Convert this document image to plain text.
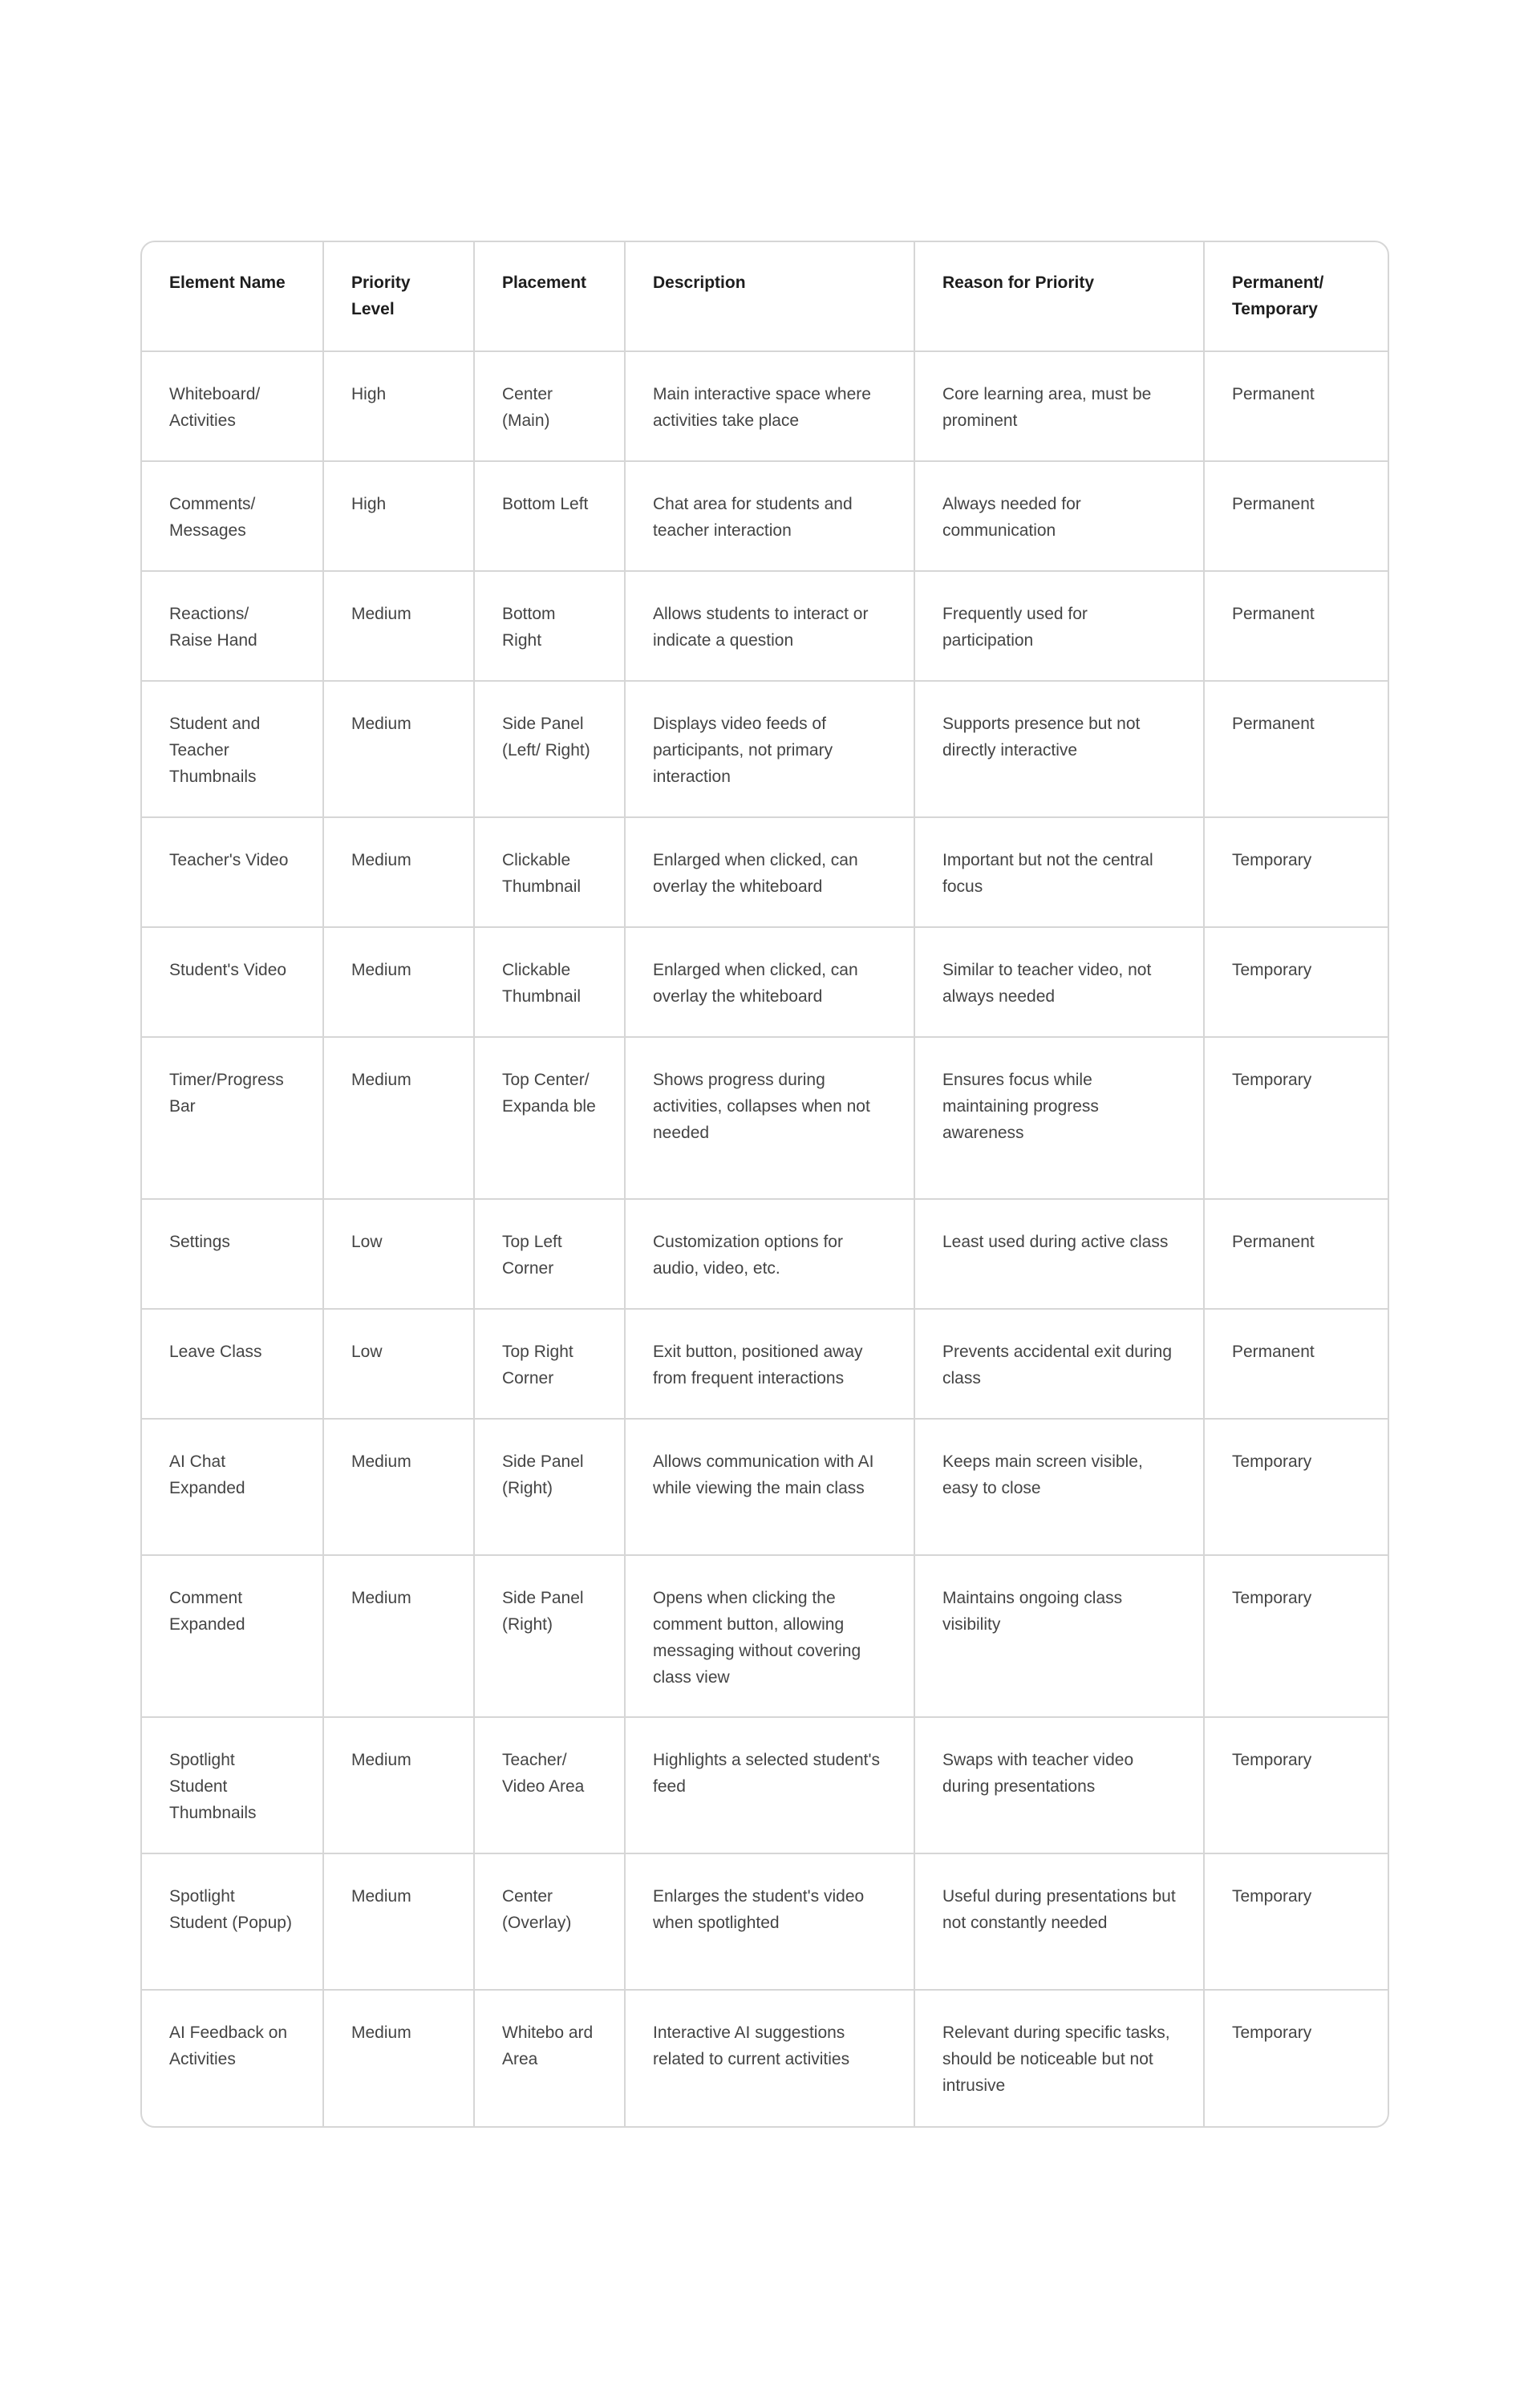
Element Name	Priority Level	Placement	Description	Reason for Priority	Permanent/ Temporary
Whiteboard/ Activities	High	Center (Main)	Main interactive space where activities take place	Core learning area, must be prominent	Permanent
Comments/ Messages	High	Bottom Left	Chat area for students and teacher interaction	Always needed for communication	Permanent
Reactions/ Raise Hand	Medium	Bottom Right	Allows students to interact or indicate a question	Frequently used for participation	Permanent
Student and Teacher Thumbnails	Medium	Side Panel (Left/ Right)	Displays video feeds of participants, not primary interaction	Supports presence but not directly interactive	Permanent
Teacher's Video	Medium	Clickable Thumbnail	Enlarged when clicked, can overlay the whiteboard	Important but not the central focus	Temporary
Student's Video	Medium	Clickable Thumbnail	Enlarged when clicked, can overlay the whiteboard	Similar to teacher video, not always needed	Temporary
Timer/Progress Bar	Medium	Top Center/ Expanda ble	Shows progress during activities, collapses when not needed	Ensures focus while maintaining progress awareness	Temporary
Settings	Low	Top Left Corner	Customization options for audio, video, etc.	Least used during active class	Permanent
Leave Class	Low	Top Right Corner	Exit button, positioned away from frequent interactions	Prevents accidental exit during class	Permanent
AI Chat Expanded	Medium	Side Panel (Right)	Allows communication with AI while viewing the main class	Keeps main screen visible, easy to close	Temporary
Comment Expanded	Medium	Side Panel (Right)	Opens when clicking the comment button, allowing messaging without covering class view	Maintains ongoing class visibility	Temporary
Spotlight Student Thumbnails	Medium	Teacher/ Video Area	Highlights a selected student's feed	Swaps with teacher video during presentations	Temporary
Spotlight Student (Popup)	Medium	Center (Overlay)	Enlarges the student's video when spotlighted	Useful during presentations but not constantly needed	Temporary
AI Feedback on Activities	Medium	Whitebo ard Area	Interactive AI suggestions related to current activities	Relevant during specific tasks, should be noticeable but not intrusive	Temporary
